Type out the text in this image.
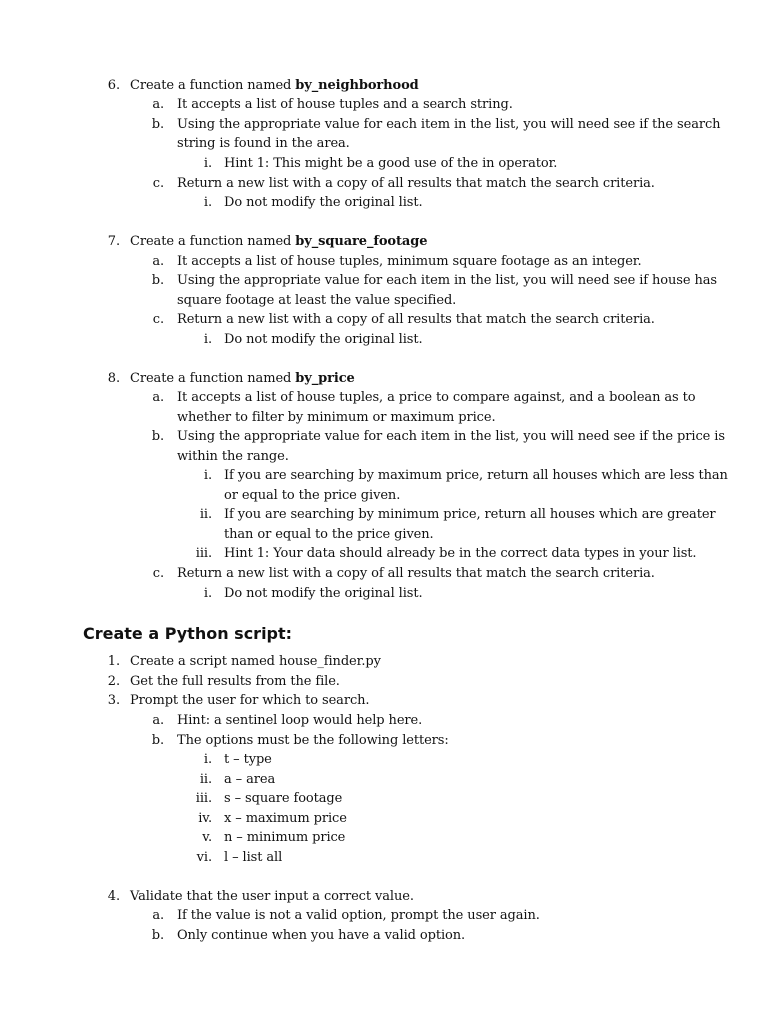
6. Create a function named by_neighborhood
a. It accepts a list of house tuples and a search string.
b. Using the appropriate value for each item in the list, you will need see if the search
string is found in the area.
i. Hint 1: This might be a good use of the in operator.
c. Return a new list with a copy of all results that match the search criteria.
i. Do not modify the original list.
7. Create a function named by_square_footage
a. It accepts a list of house tuples, minimum square footage as an integer.
b. Using the appropriate value for each item in the list, you will need see if house has
square footage at least the value specified.
c. Return a new list with a copy of all results that match the search criteria.
i. Do not modify the original list.
8. Create a function named by_price
a. It accepts a list of house tuples, a price to compare against, and a boolean as to
whether to filter by minimum or maximum price.
b. Using the appropriate value for each item in the list, you will need see if the price is
within the range.
i. If you are searching by maximum price, return all houses which are less than
or equal to the price given.
ii. If you are searching by minimum price, return all houses which are greater
than or equal to the price given.
iii. Hint 1: Your data should already be in the correct data types in your list.
c. Return a new list with a copy of all results that match the search criteria.
i. Do not modify the original list.
Create a Python script:
1. Create a script named house_finder.py
2. Get the full results from the file.
3. Prompt the user for which to search.
a. Hint: a sentinel loop would help here.
b. The options must be the following letters:
i. t – type
ii. a – area
iii. s – square footage
iv. x – maximum price
v. n – minimum price
vi. l – list all
4. Validate that the user input a correct value.
a. If the value is not a valid option, prompt the user again.
b. Only continue when you have a valid option.
